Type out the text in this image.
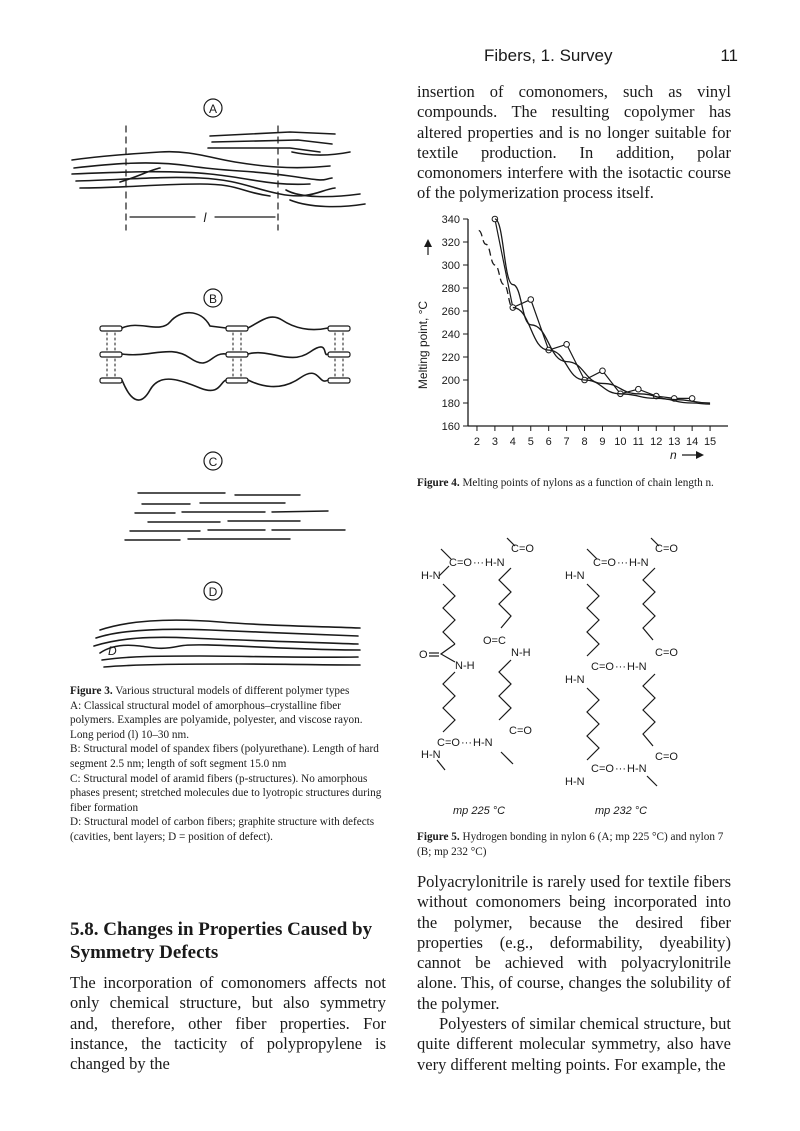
Fibers, 1. Survey	11
A
l
B
C
D
D

Figure 3. Various structural models of different polymer types

A: Classical structural model of amorphous–crystalline fiber polymers. Examples are polyamide, polyester, and viscose rayon. Long period (l) 10–30 nm.

B: Structural model of spandex fibers (polyurethane). Length of hard segment 2.5 nm; length of soft segment 15.0 nm

C: Structural model of aramid fibers (p-structures). No amorphous phases present; stretched molecules due to lyotropic structures during fiber formation

D: Structural model of carbon fibers; graphite structure with defects (cavities, bent layers; D = position of defect).

5.8. Changes in Properties Caused by Symmetry Defects

The incorporation of comonomers affects not only chemical structure, but also symmetry and, therefore, other fiber properties. For instance, the tacticity of polypropylene is changed by the

insertion of comonomers, such as vinyl compounds. The resulting copolymer has altered properties and is no longer suitable for textile production. In addition, polar comonomers interfere with the isotactic course of the polymerization process itself.

160
180
200
220
240
260
280
300
320
340
2 3 4 5 6 7 8 9 10 11 12 13 14 15
Melting point, °C
n

Figure 4. Melting points of nylons as a function of chain length n.

C=O ··· H-N
H-N
O
N-H
C=O ··· H-N
H-N
C=O
O=C
N-H
C=O
C=O ··· H-N
H-N
C=O ··· H-N
H-N
C=O ··· H-N
H-N
C=O
C=O
C=O
mp 225 °C	mp 232 °C

Figure 5. Hydrogen bonding in nylon 6 (A; mp 225 °C) and nylon 7 (B; mp 232 °C)

Polyacrylonitrile is rarely used for textile fibers without comonomers being incorporated into the polymer, because the desired fiber properties (e.g., deformability, dyeability) cannot be achieved with polyacrylonitrile alone. This, of course, changes the solubility of the polymer.

Polyesters of similar chemical structure, but quite different molecular symmetry, also have very different melting points. For example, the
